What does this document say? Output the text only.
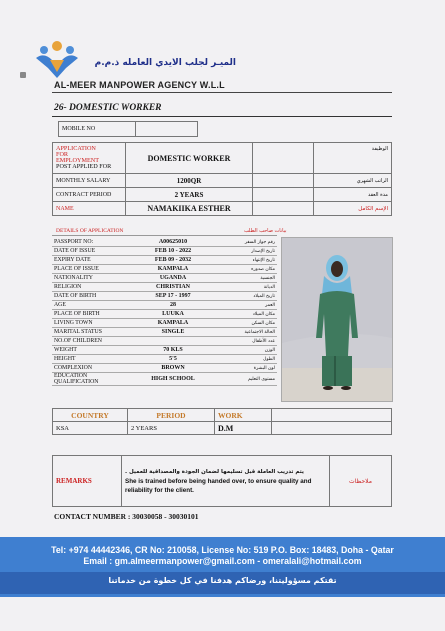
الميـر لجلب الايدي العامله ذ.م.م
AL-MEER MANPOWER AGENCY W.L.L
26- DOMESTIC WORKER
MOBILE NO	
APPLICATION
FOR
EMPLOYMENT
POST APPLIED FOR	DOMESTIC WORKER		الوظيفة
MONTHLY SALARY	1200QR		الراتب الشهري
CONTRACT PERIOD	2 YEARS		مدة العقد
NAME	NAMAKIIKA ESTHER		الإسم الكامل
DETAILS OF APPLICATION	بيانات صاحب الطلب
PASSPORT NO:	A00625010	رقم جواز السفر
DATE OF ISSUE	FEB 10 - 2022	تاريخ الإصدار
EXPIRY DATE	FEB 09 - 2032	تاريخ الإنتهاء
PLACE OF ISSUE	KAMPALA	مكان صدوره
NATIONALITY	UGANDA	الجنسية
RELIGION	CHRISTIAN	الديانة
DATE OF BIRTH	SEP 17 - 1997	تاريخ الميلاد
AGE	28	العمر
PLACE OF BIRTH	LUUKA	مكان الميلاد
LIVING TOWN	KAMPALA	مكان السكن
MARITAL STATUS	SINGLE	الحالة الاجتماعية
NO.OF CHILDREN		عدد الأطفال
WEIGHT	70 KLS	الوزن
HEIGHT	5'5	الطول
COMPLEXION	BROWN	لون البشرة
EDUCATION QUALIFICATION	HIGH SCHOOL	مستوى التعليم
COUNTRY	PERIOD	WORK	
KSA	2 YEARS	D.M	
REMARKS	
يتم تدريب العاملة قبل تسليمها لضمان الجودة والمصداقية للعميل .
She is trained before being handed over, to ensure quality and reliability for the client.	ملاحظات
CONTACT NUMBER : 30030058 - 30030101
Tel: +974 44442346, CR No: 210058, License No: 519 P.O. Box: 18483, Doha - Qatar
Email : gm.almeermanpower@gmail.com - omeralali@hotmail.com
تقتكم مسؤوليتنا، ورضاكم هدفنا في كل خطوة من خدماتنا
